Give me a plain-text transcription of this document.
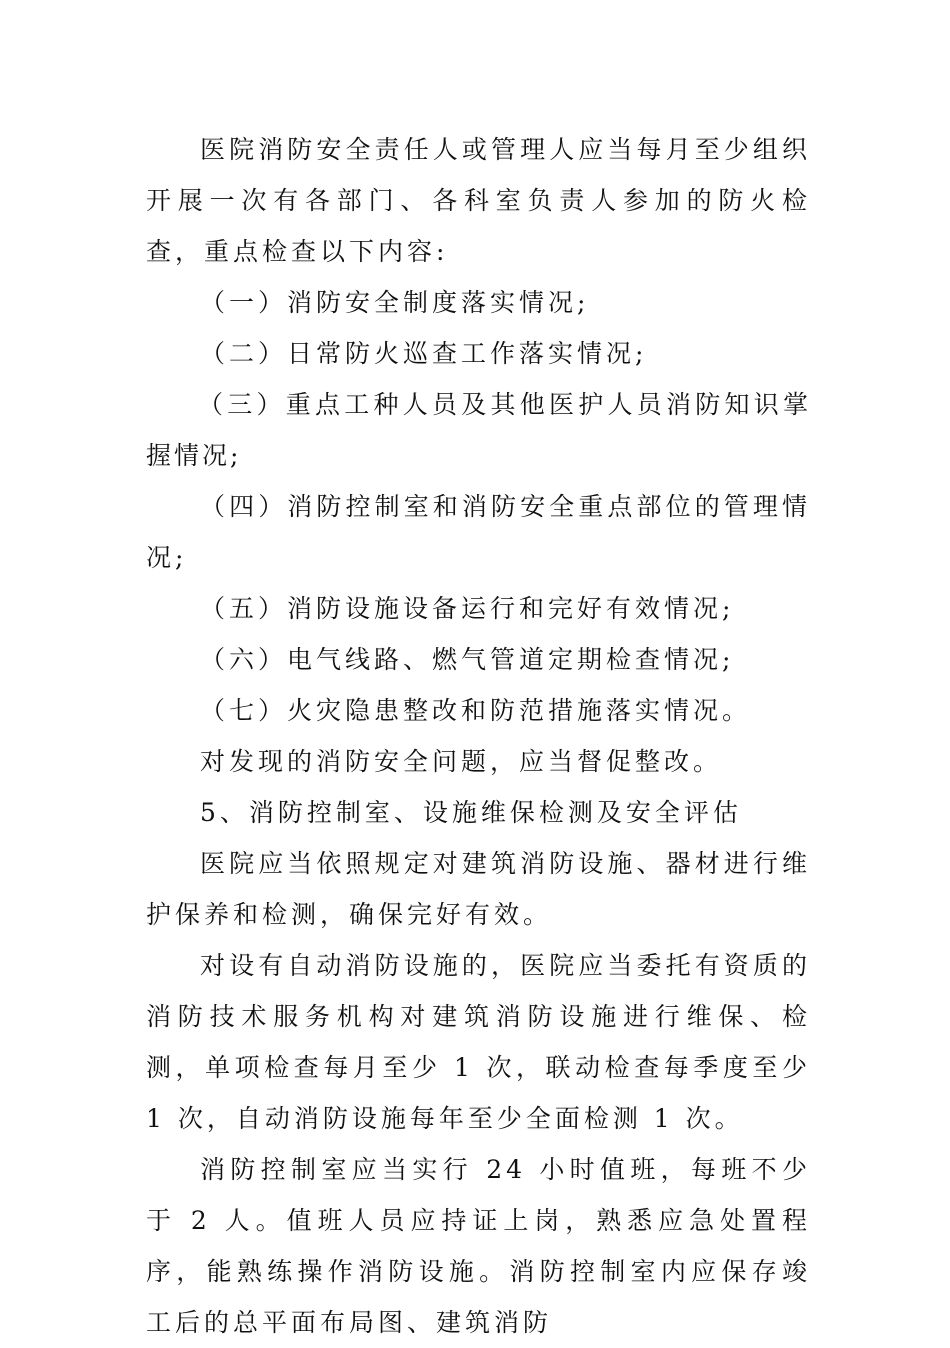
医院消防安全责任人或管理人应当每月至少组织开展一次有各部门、各科室负责人参加的防火检查，重点检查以下内容:

（一）消防安全制度落实情况;

（二）日常防火巡查工作落实情况;

（三）重点工种人员及其他医护人员消防知识掌握情况;

（四）消防控制室和消防安全重点部位的管理情况;

（五）消防设施设备运行和完好有效情况;

（六）电气线路、燃气管道定期检查情况;

（七）火灾隐患整改和防范措施落实情况。

对发现的消防安全问题，应当督促整改。

5、消防控制室、设施维保检测及安全评估

医院应当依照规定对建筑消防设施、器材进行维护保养和检测，确保完好有效。

对设有自动消防设施的，医院应当委托有资质的消防技术服务机构对建筑消防设施进行维保、检测，单项检查每月至少 1 次，联动检查每季度至少 1 次，自动消防设施每年至少全面检测 1 次。

消防控制室应当实行 24 小时值班，每班不少于 2 人。值班人员应持证上岗，熟悉应急处置程序，能熟练操作消防设施。消防控制室内应保存竣工后的总平面布局图、建筑消防
